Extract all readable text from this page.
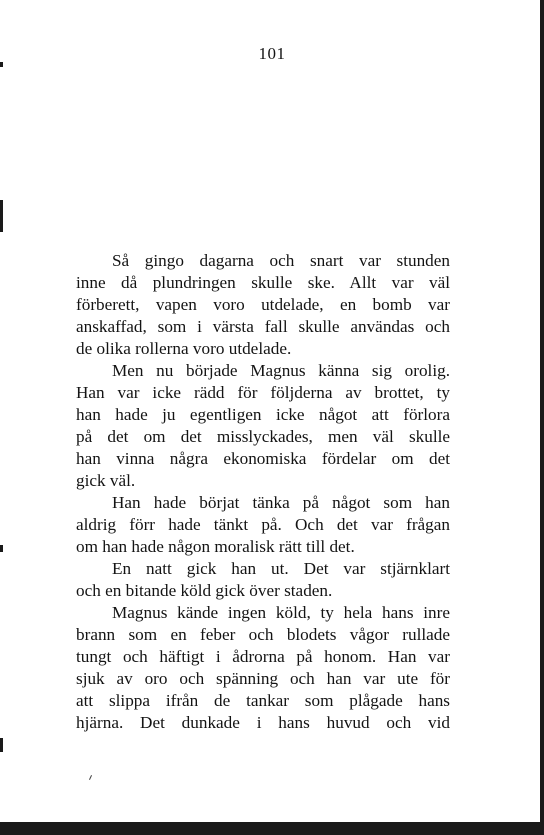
101
Så gingo dagarna och snart var stunden
inne då plundringen skulle ske. Allt var väl
förberett, vapen voro utdelade, en bomb var
anskaffad, som i värsta fall skulle användas och
de olika rollerna voro utdelade.
Men nu började Magnus känna sig orolig.
Han var icke rädd för följderna av brottet, ty
han hade ju egentligen icke något att förlora
på det om det misslyckades, men väl skulle
han vinna några ekonomiska fördelar om det
gick väl.
Han hade börjat tänka på något som han
aldrig förr hade tänkt på. Och det var frågan
om han hade någon moralisk rätt till det.
En natt gick han ut. Det var stjärnklart
och en bitande köld gick över staden.
Magnus kände ingen köld, ty hela hans inre
brann som en feber och blodets vågor rullade
tungt och häftigt i ådrorna på honom. Han var
sjuk av oro och spänning och han var ute för
att slippa ifrån de tankar som plågade hans
hjärna. Det dunkade i hans huvud och vid
